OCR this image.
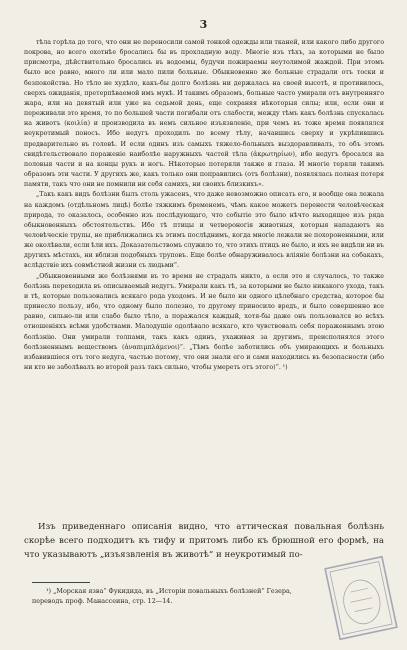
3

тѣла горѣла до того, что они не переносили самой тонкой одежды или тканей, или какого либо другого покрова, но всего охотнѣе бросались бы въ прохладную воду. Многіе изъ тѣхъ, за которыми не было присмотра, дѣйствительно бросались въ водоемы, будучи пожираемы неутолимой жаждой. При этомъ было все равно, много ли или мало пили больные. Обыкновенно же больные страдали отъ тоски и безпокойства. Но тѣло не худѣло, какъ-бы долго болѣзнь ни держалась на своей высотѣ, и противилось, сверхъ ожиданія, претерпѣваемой имъ мукѣ. И такимъ образомъ, больные часто умирали отъ внутренняго жара, или на девятый или уже на седьмой день, еще сохраняя нѣкоторыя силы; или, если они и переживали это время, то по большей части погибали отъ слабости, между тѣмъ какъ болѣзнь спускалась на животъ (κοιλία) и производила въ немъ сильное изъязвленіе, при чемъ въ тоже время появлялся неукротимый поносъ. Ибо недугъ проходилъ по всему тѣлу, начавшись сверху и укрѣпившись предварительно въ головѣ. И если одинъ изъ самыхъ тяжело-больныхъ выздоравливалъ, то объ этомъ свидѣтельствовало пораженіе наиболѣе наружныхъ частей тѣла (ἀκρωτηρίων), ибо недугъ бросался на половыя части и на концы рукъ и ногъ. Нѣкоторые потеряли также и глаза. И многіе теряли такимъ образомъ эти части. У другихъ же, какъ только они поправились (отъ болѣзни), появлялась полная потеря памяти, такъ что они не помнили ни себя самихъ, ни своихъ близкихъ».

„Такъ какъ видъ болѣзни былъ столь ужасенъ, что даже невозможно описать его, и вообще она лежала на каждомъ (отдѣльномъ лицѣ) болѣе тяжкимъ бременемъ, чѣмъ какое можетъ перенести человѣческая природа, то оказалось, особенно изъ послѣдующаго, что событіе это было нѣчто выходящее изъ ряда обыкновенныхъ обстоятельствъ. Ибо тѣ птицы и четвероногія животныя, которыя нападаютъ на человѣческіе трупы, не приближались къ этимъ послѣднимъ, когда многіе лежали не похороненными, или же околѣвали, если ѣли ихъ. Доказательствомъ служило то, что этихъ птицъ не было, и ихъ не видѣли ни въ другихъ мѣстахъ, ни вблизи подобныхъ труповъ. Еще болѣе обнаруживалось вліяніе болѣзни на собакахъ, вслѣдствіе ихъ совмѣстной жизни съ людьми“.

„Обыкновенными же болѣзнями въ то время не страдалъ никто, а если это и случалось, то также болѣзнь переходила въ описываемый недугъ. Умирали какъ тѣ, за которыми не было никакого ухода, такъ и тѣ, которые пользовались всякаго рода уходомъ. И не было ни одного цѣлебнаго средства, которое бы принесло пользу, ибо, что одному было полезно, то другому приносило вредъ, и было совершенно все равно, сильно-ли или слабо было тѣло, а поражался каждый, хотя-бы даже онъ пользовался во всѣхъ отношеніяхъ всѣми удобствами. Малодушіе одолѣвало всякаго, кто чувствовалъ себя пораженнымъ этою болѣзнію. Они умирали толпами, такъ какъ одинъ, ухаживая за другимъ, преисполнялся этого болѣзненнымъ веществомъ (ἀναπιμπλάμενοι)“. „Тѣмъ болѣе заботились объ умирающихъ и больныхъ избавившіеся отъ того недуга, частью потому, что они знали его и сами находились въ безопасности (ибо ни кто не заболѣвалъ во второй разъ такъ сильно, чтобы умереть отъ этого)“. ¹)

Изъ приведеннаго описанія видно, что аттическая повальная болѣзнь скорѣе всего подходитъ къ тифу и притомъ либо къ брюшной его формѣ, на что указываютъ „изъязвленія въ животѣ“ и неукротимый по-

¹) „Морская язва“ Фукидида, въ „Исторіи повальныхъ болѣзней“ Гезера, переводъ проф. Манассеина, стр. 12—14.
